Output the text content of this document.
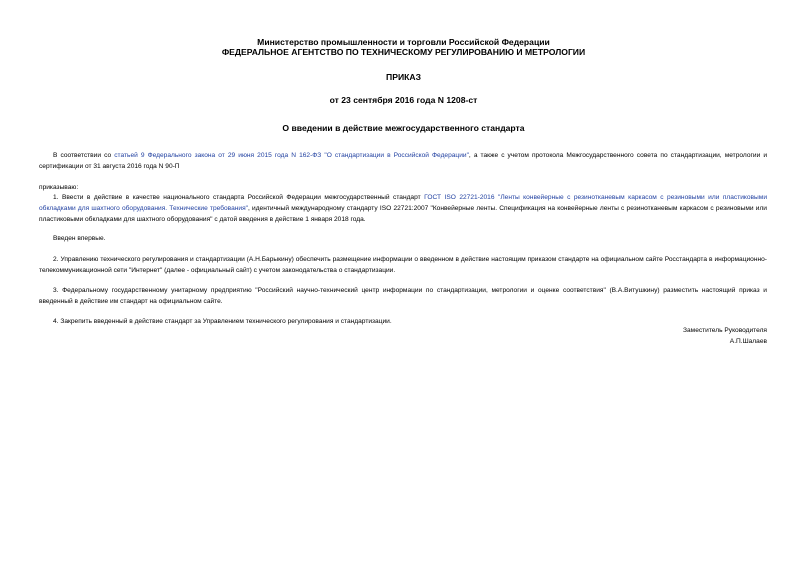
Министерство промышленности и торговли Российской Федерации
ФЕДЕРАЛЬНОЕ АГЕНТСТВО ПО ТЕХНИЧЕСКОМУ РЕГУЛИРОВАНИЮ И МЕТРОЛОГИИ
ПРИКАЗ
от 23 сентября 2016 года N 1208-ст
О введении в действие межгосударственного стандарта
В соответствии со статьей 9 Федерального закона от 29 июня 2015 года N 162-ФЗ "О стандартизации в Российской Федерации", а также с учетом протокола Межгосударственного совета по стандартизации, метрологии и сертификации от 31 августа 2016 года N 90-П
приказываю:
1. Ввести в действие в качестве национального стандарта Российской Федерации межгосударственный стандарт ГОСТ ISO 22721-2016 "Ленты конвейерные с резинотканевым каркасом с резиновыми или пластиковыми обкладками для шахтного оборудования. Технические требования", идентичный международному стандарту ISO 22721:2007 "Конвейерные ленты. Спецификация на конвейерные ленты с резинотканевым каркасом с резиновыми или пластиковыми обкладками для шахтного оборудования" с датой введения в действие 1 января 2018 года.
Введен впервые.
2. Управлению технического регулирования и стандартизации (А.Н.Барыкину) обеспечить размещение информации о введенном в действие настоящим приказом стандарте на официальном сайте Росстандарта в информационно-телекоммуникационной сети "Интернет" (далее - официальный сайт) с учетом законодательства о стандартизации.
3. Федеральному государственному унитарному предприятию "Российский научно-технический центр информации по стандартизации, метрологии и оценке соответствия" (В.А.Витушкину) разместить настоящий приказ и введенный в действие им стандарт на официальном сайте.
4. Закрепить введенный в действие стандарт за Управлением технического регулирования и стандартизации.
Заместитель Руководителя
А.П.Шалаев
